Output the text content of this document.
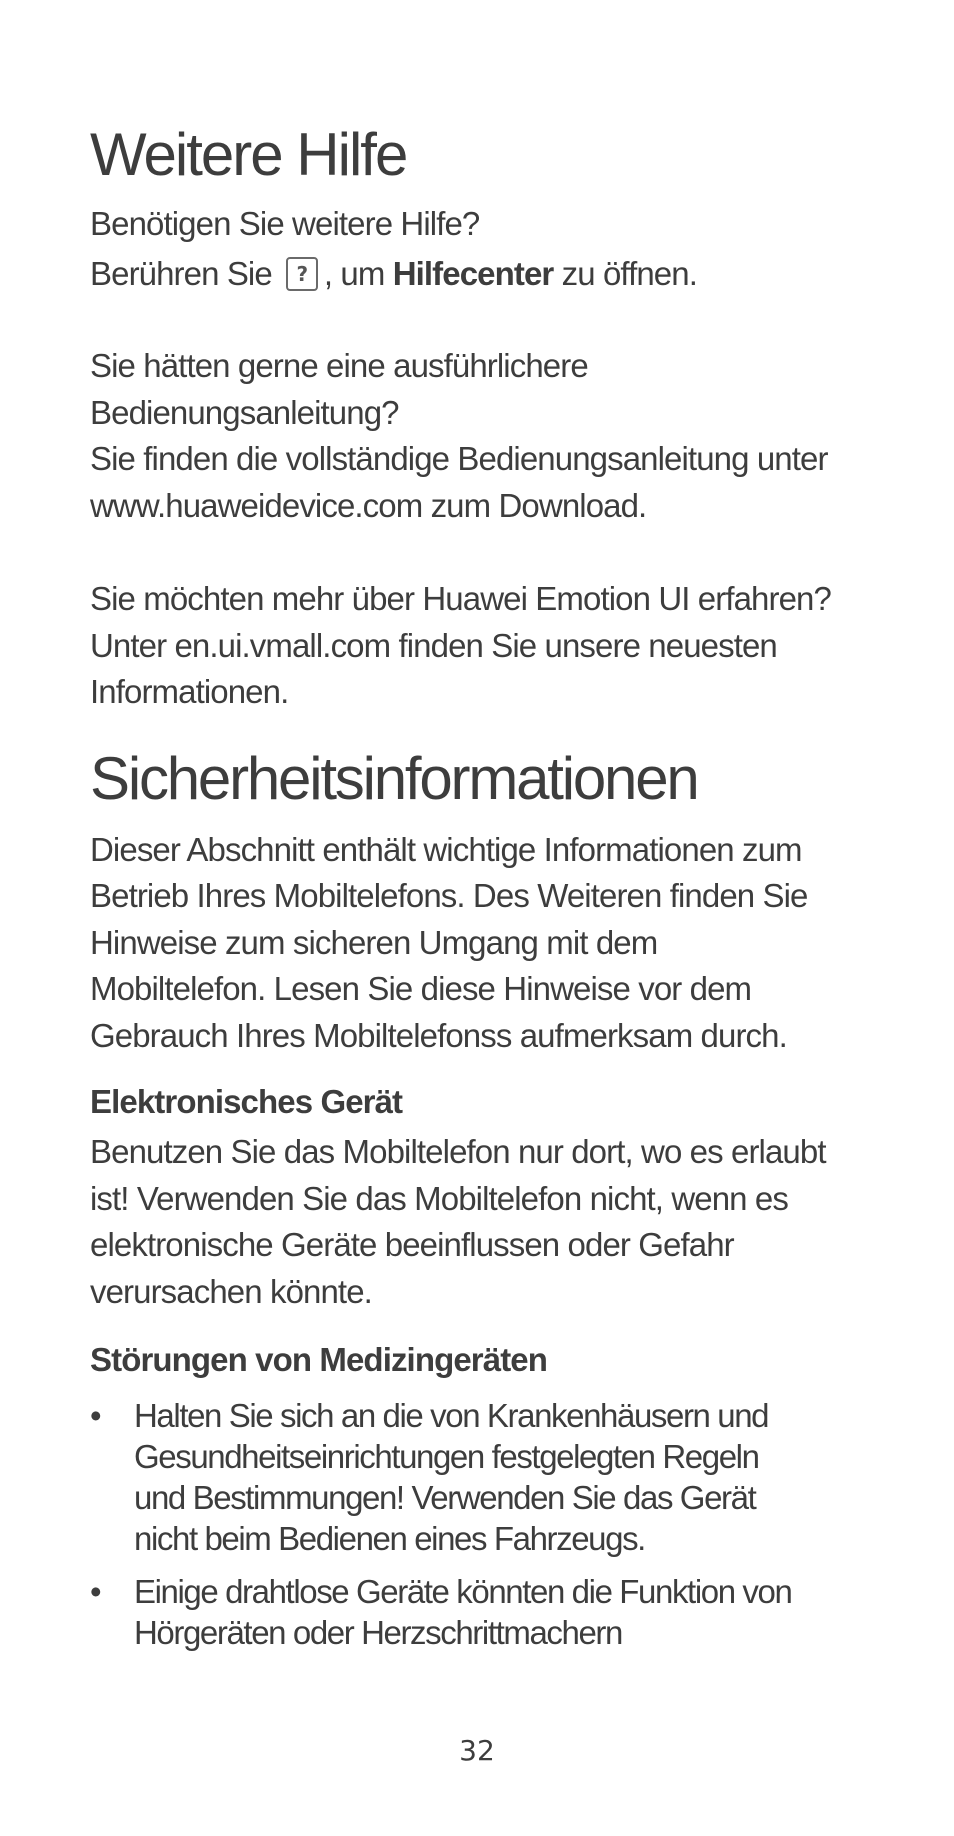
Weitere Hilfe

Benötigen Sie weitere Hilfe?

Berühren Sie? , um Hilfecenter zu öffnen.

Sie hätten gerne eine ausführlichere
Bedienungsanleitung?
Sie finden die vollständige Bedienungsanleitung unter
www.huaweidevice.com zum Download.

Sie möchten mehr über Huawei Emotion UI erfahren?
Unter en.ui.vmall.com finden Sie unsere neuesten
Informationen.

Sicherheitsinformationen

Dieser Abschnitt enthält wichtige Informationen zum
Betrieb Ihres Mobiltelefons. Des Weiteren finden Sie
Hinweise zum sicheren Umgang mit dem
Mobiltelefon. Lesen Sie diese Hinweise vor dem
Gebrauch Ihres Mobiltelefonss aufmerksam durch.

Elektronisches Gerät

Benutzen Sie das Mobiltelefon nur dort, wo es erlaubt
ist! Verwenden Sie das Mobiltelefon nicht, wenn es
elektronische Geräte beeinflussen oder Gefahr
verursachen könnte.

Störungen von Medizingeräten
• Halten Sie sich an die von Krankenhäusern und
Gesundheitseinrichtungen festgelegten Regeln
und Bestimmungen! Verwenden Sie das Gerät
nicht beim Bedienen eines Fahrzeugs.
• Einige drahtlose Geräte könnten die Funktion von
Hörgeräten oder Herzschrittmachern
32
